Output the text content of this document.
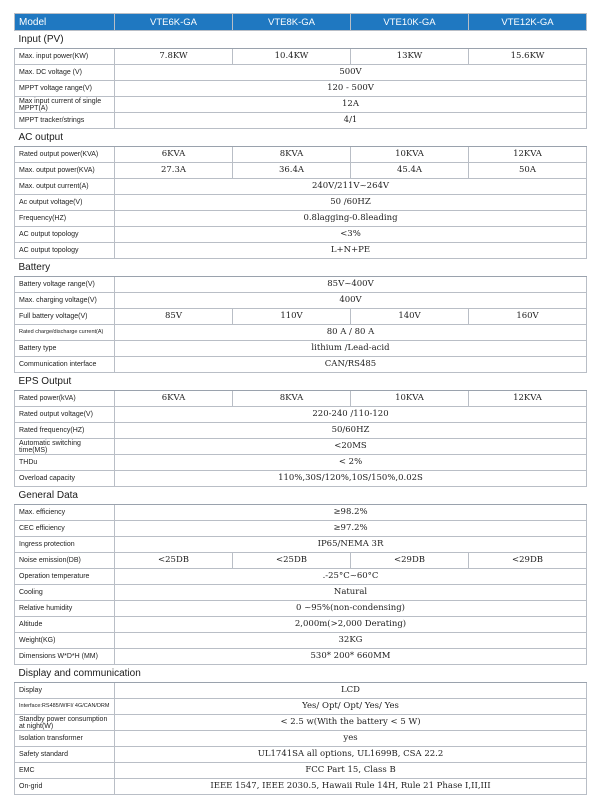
Model	VTE6K-GA	VTE8K-GA	VTE10K-GA	VTE12K-GA
Input (PV)				
Max. input power(KW)	7.8KW	10.4KW	13KW	15.6KW
Max. DC voltage (V)	500V			
MPPT voltage range(V)	120 - 500V			
Max input current of single MPPT(A)	12A			
MPPT tracker/strings	4/1			
AC output				
Rated output power(KVA)	6KVA	8KVA	10KVA	12KVA
Max. output power(KVA)	27.3A	36.4A	45.4A	50A
Max. output current(A)	240V/211V~264V			
Ac output voltage(V)	50 /60HZ			
Frequency(HZ)	0.8lagging-0.8leading			
AC output topology	<3%			
AC output topology	L+N+PE			
Battery				
Battery voltage range(V)	85V~400V			
Max. charging voltage(V)	400V			
Full battery voltage(V)	85V	110V	140V	160V
Rated charge/discharge current(A)	80 A / 80 A			
Battery type	lithium /Lead-acid			
Communication interface	CAN/RS485			
EPS Output				
Rated power(kVA)	6KVA	8KVA	10KVA	12KVA
Rated output voltage(V)	220-240 /110-120			
Rated frequency(HZ)	50/60HZ			
Automatic switching time(MS)	<20MS			
THDu	< 2%			
Overload capacity	110%,30S/120%,10S/150%,0.02S			
General Data				
Max. efficiency	≥98.2%			
CEC efficiency	≥97.2%			
Ingress protection	IP65/NEMA 3R			
Noise emission(DB)	<25DB	<25DB	<29DB	<29DB
Operation temperature	.-25°C~60°C			
Cooling	Natural			
Relative humidity	0 ~95%(non-condensing)			
Altitude	2,000m(>2,000 Derating)			
Weight(KG)	32KG			
Dimensions W*D*H (MM)	530* 200* 660MM			
Display and communication				
Display	LCD			
Interface:RS485/WIFI/ 4G/CAN/DRM	Yes/ Opt/ Opt/ Yes/ Yes			
Standby power consumption at night(W)	< 2.5 w(With the battery < 5 W)			
Isolation transformer	yes			
Safety standard	UL1741SA all options, UL1699B, CSA 22.2			
EMC	FCC Part 15, Class B			
On-grid	IEEE 1547, IEEE 2030.5, Hawaii Rule 14H, Rule 21 Phase I,II,III			
